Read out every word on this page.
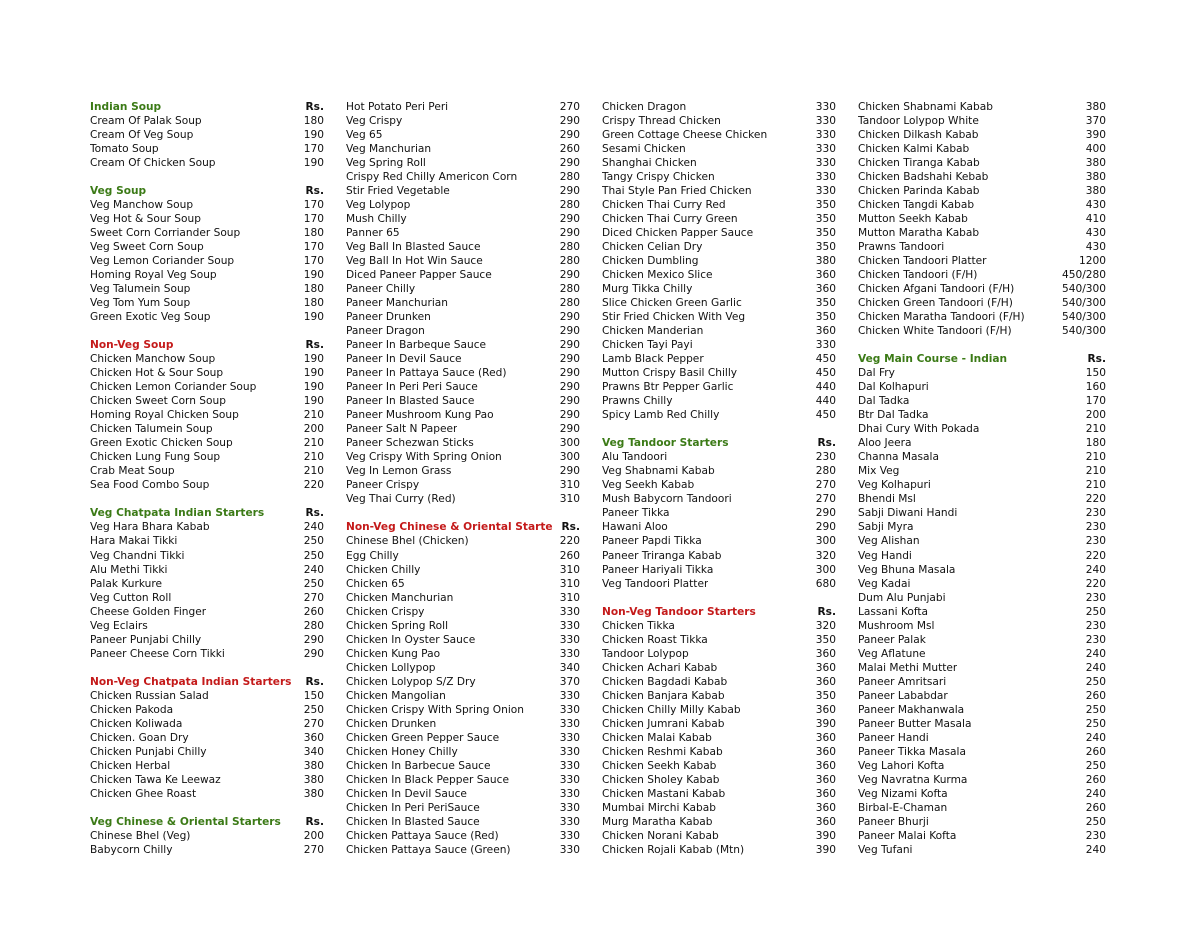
Indian Soup	Rs.
Cream Of Palak Soup	180
Cream Of Veg Soup	190
Tomato Soup	170
Cream Of Chicken Soup	190
Veg Soup	Rs.
Veg Manchow Soup	170
Veg Hot & Sour Soup	170
Sweet Corn Corriander Soup	180
Veg Sweet Corn Soup	170
Veg Lemon Coriander Soup	170
Homing Royal Veg Soup	190
Veg Talumein Soup	180
Veg Tom Yum Soup	180
Green Exotic Veg Soup	190
Non-Veg Soup	Rs.
Chicken Manchow Soup	190
Chicken Hot & Sour Soup	190
Chicken Lemon Coriander Soup	190
Chicken Sweet Corn Soup	190
Homing Royal Chicken Soup	210
Chicken Talumein Soup	200
Green Exotic Chicken Soup	210
Chicken Lung Fung Soup	210
Crab Meat Soup	210
Sea Food Combo Soup	220
Veg Chatpata Indian Starters	Rs.
Veg Hara Bhara Kabab	240
Hara Makai Tikki	250
Veg Chandni Tikki	250
Alu Methi Tikki	240
Palak Kurkure	250
Veg Cutton Roll	270
Cheese Golden Finger	260
Veg Eclairs	280
Paneer Punjabi Chilly	290
Paneer Cheese Corn Tikki	290
Non-Veg Chatpata Indian Starters Rs.
Chicken Russian Salad	150
Chicken Pakoda	250
Chicken Koliwada	270
Chicken. Goan Dry	360
Chicken Punjabi Chilly	340
Chicken Herbal	380
Chicken Tawa Ke Leewaz	380
Chicken Ghee Roast	380
Veg Chinese & Oriental Starters Rs.
Chinese Bhel (Veg)	200
Babycorn Chilly	270
Hot Potato Peri Peri	270
Veg Crispy	290
Veg 65	290
Veg Manchurian	260
Veg Spring Roll	290
Crispy Red Chilly Americon Corn	280
Stir Fried Vegetable	290
Veg Lolypop	280
Mush Chilly	290
Panner 65	290
Veg Ball In Blasted Sauce	280
Veg Ball In Hot Win Sauce	280
Diced Paneer Papper Sauce	290
Paneer Chilly	280
Paneer Manchurian	280
Paneer Drunken	290
Paneer Dragon	290
Paneer In Barbeque Sauce	290
Paneer In Devil Sauce	290
Paneer In Pattaya Sauce (Red)	290
Paneer In Peri Peri Sauce	290
Paneer In Blasted Sauce	290
Paneer Mushroom Kung Pao	290
Paneer Salt N Papeer	290
Paneer Schezwan Sticks	300
Veg Crispy With Spring Onion	300
Veg In Lemon Grass	290
Paneer Crispy	310
Veg Thai Curry (Red)	310
Non-Veg Chinese & Oriental Starte Rs.
Chinese Bhel (Chicken)	220
Egg Chilly	260
Chicken Chilly	310
Chicken 65	310
Chicken Manchurian	310
Chicken Crispy	330
Chicken Spring Roll	330
Chicken In Oyster Sauce	330
Chicken Kung Pao	330
Chicken Lollypop	340
Chicken Lolypop S/Z Dry	370
Chicken Mangolian	330
Chicken Crispy With Spring Onion	330
Chicken Drunken	330
Chicken Green Pepper Sauce	330
Chicken Honey Chilly	330
Chicken In Barbecue Sauce	330
Chicken In Black Pepper Sauce	330
Chicken In Devil Sauce	330
Chicken In Peri PeriSauce	330
Chicken In Blasted Sauce	330
Chicken Pattaya Sauce (Red)	330
Chicken Pattaya Sauce (Green)	330
Chicken Dragon	330
Crispy Thread Chicken	330
Green Cottage Cheese Chicken	330
Sesami Chicken	330
Shanghai Chicken	330
Tangy Crispy Chicken	330
Thai Style Pan Fried Chicken	330
Chicken Thai Curry Red	350
Chicken Thai Curry Green	350
Diced Chicken Papper Sauce	350
Chicken Celian Dry	350
Chicken Dumbling	380
Chicken Mexico Slice	360
Murg Tikka Chilly	360
Slice Chicken Green Garlic	350
Stir Fried Chicken With Veg	350
Chicken Manderian	360
Chicken Tayi Payi	330
Lamb Black Pepper	450
Mutton Crispy Basil Chilly	450
Prawns Btr Pepper Garlic	440
Prawns Chilly	440
Spicy Lamb Red Chilly	450
Veg Tandoor Starters	Rs.
Alu Tandoori	230
Veg Shabnami Kabab	280
Veg Seekh Kabab	270
Mush Babycorn Tandoori	270
Paneer Tikka	290
Hawani Aloo	290
Paneer Papdi Tikka	300
Paneer Triranga Kabab	320
Paneer Hariyali Tikka	300
Veg Tandoori Platter	680
Non-Veg Tandoor Starters	Rs.
Chicken Tikka	320
Chicken Roast Tikka	350
Tandoor Lolypop	360
Chicken Achari Kabab	360
Chicken Bagdadi Kabab	360
Chicken Banjara Kabab	350
Chicken Chilly Milly Kabab	360
Chicken Jumrani Kabab	390
Chicken Malai Kabab	360
Chicken Reshmi Kabab	360
Chicken Seekh Kabab	360
Chicken Sholey Kabab	360
Chicken Mastani Kabab	360
Mumbai Mirchi Kabab	360
Murg Maratha Kabab	360
Chicken Norani Kabab	390
Chicken Rojali Kabab (Mtn)	390
Chicken Shabnami Kabab	380
Tandoor Lolypop White	370
Chicken Dilkash Kabab	390
Chicken Kalmi Kabab	400
Chicken Tiranga Kabab	380
Chicken Badshahi Kebab	380
Chicken Parinda Kabab	380
Chicken Tangdi Kabab	430
Mutton Seekh Kabab	410
Mutton Maratha Kabab	430
Prawns Tandoori	430
Chicken Tandoori Platter	1200
Chicken Tandoori (F/H)	450/280
Chicken Afgani Tandoori (F/H)	540/300
Chicken Green Tandoori (F/H)	540/300
Chicken Maratha Tandoori (F/H)	540/300
Chicken White Tandoori (F/H)	540/300
Veg Main Course - Indian	Rs.
Dal Fry	150
Dal Kolhapuri	160
Dal Tadka	170
Btr Dal Tadka	200
Dhai Cury With Pokada	210
Aloo Jeera	180
Channa Masala	210
Mix Veg	210
Veg Kolhapuri	210
Bhendi Msl	220
Sabji Diwani Handi	230
Sabji Myra	230
Veg Alishan	230
Veg Handi	220
Veg Bhuna Masala	240
Veg Kadai	220
Dum Alu Punjabi	230
Lassani Kofta	250
Mushroom Msl	230
Paneer Palak	230
Veg Aflatune	240
Malai Methi Mutter	240
Paneer Amritsari	250
Paneer Lababdar	260
Paneer Makhanwala	250
Paneer Butter Masala	250
Paneer Handi	240
Paneer Tikka Masala	260
Veg Lahori Kofta	250
Veg Navratna Kurma	260
Veg Nizami Kofta	240
Birbal-E-Chaman	260
Paneer Bhurji	250
Paneer Malai Kofta	230
Veg Tufani	240
